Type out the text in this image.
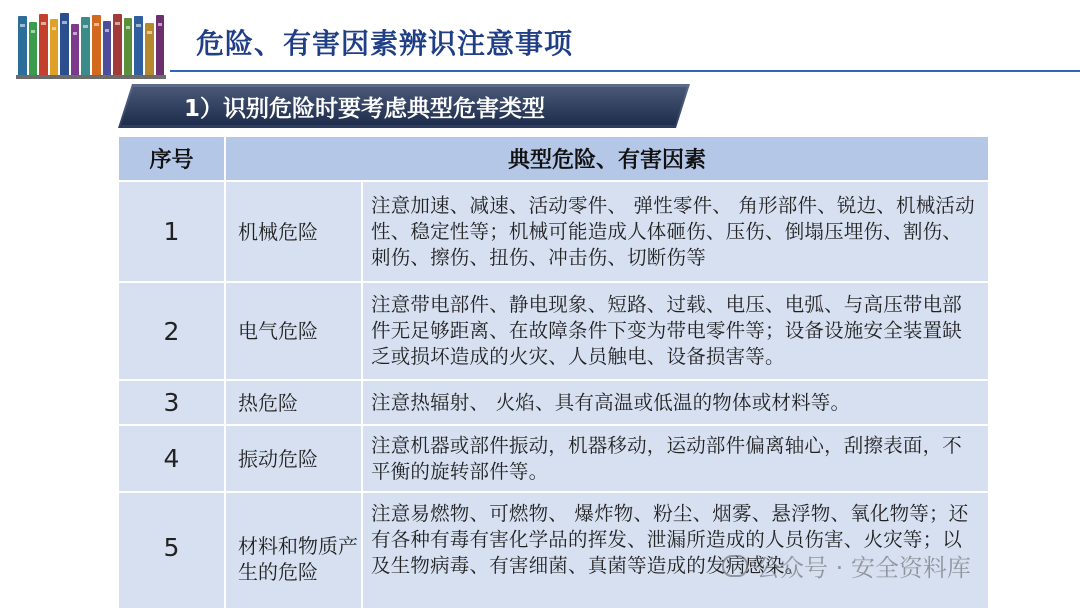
危险、有害因素辨识注意事项
1）识别危险时要考虑典型危害类型
序号	典型危险、有害因素	
1	机械危险	注意加速、减速、活动零件、 弹性零件、 角形部件、锐边、机械活动性、稳定性等；机械可能造成人体砸伤、压伤、倒塌压埋伤、割伤、刺伤、擦伤、扭伤、冲击伤、切断伤等
2	电气危险	注意带电部件、静电现象、短路、过载、电压、电弧、与高压带电部件无足够距离、在故障条件下变为带电零件等；设备设施安全装置缺乏或损坏造成的火灾、人员触电、设备损害等。
3	热危险	注意热辐射、 火焰、具有高温或低温的物体或材料等。
4	振动危险	注意机器或部件振动，机器移动，运动部件偏离轴心，刮擦表面，不平衡的旋转部件等。
5	材料和物质产生的危险	注意易燃物、可燃物、 爆炸物、粉尘、烟雾、悬浮物、氧化物等；还有各种有毒有害化学品的挥发、泄漏所造成的人员伤害、火灾等；以及生物病毒、有害细菌、真菌等造成的发病感染。
公众号 · 安全资料库
